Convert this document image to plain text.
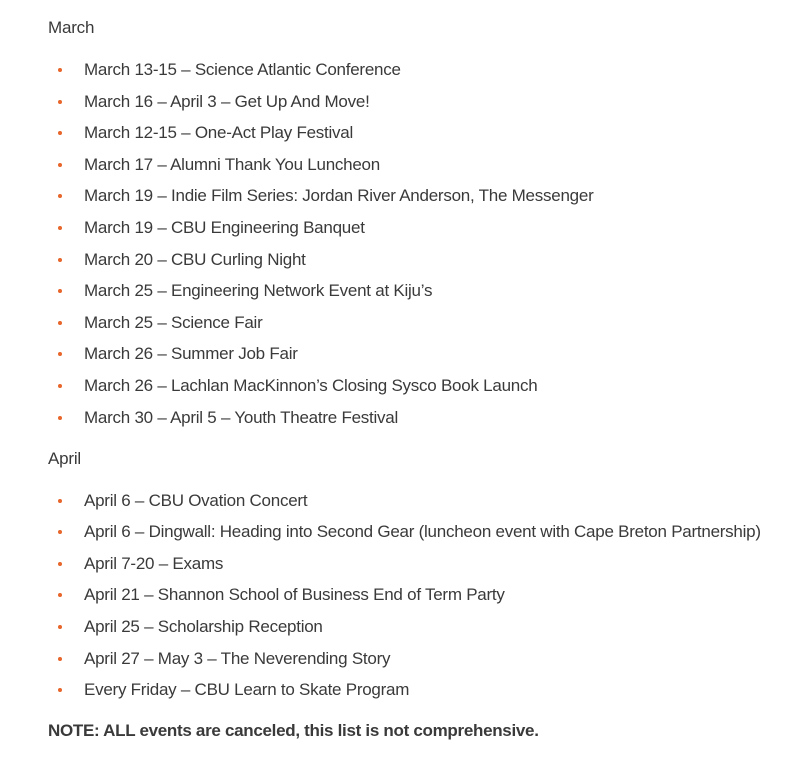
March
March 13-15 – Science Atlantic Conference
March 16 – April 3 – Get Up And Move!
March 12-15 – One-Act Play Festival
March 17 – Alumni Thank You Luncheon
March 19 – Indie Film Series: Jordan River Anderson, The Messenger
March 19 – CBU Engineering Banquet
March 20 – CBU Curling Night
March 25 – Engineering Network Event at Kiju’s
March 25 – Science Fair
March 26 – Summer Job Fair
March 26 – Lachlan MacKinnon’s Closing Sysco Book Launch
March 30 – April 5 – Youth Theatre Festival
April
April 6 – CBU Ovation Concert
April 6 – Dingwall: Heading into Second Gear (luncheon event with Cape Breton Partnership)
April 7-20 – Exams
April 21 – Shannon School of Business End of Term Party
April 25 – Scholarship Reception
April 27 – May 3 – The Neverending Story
Every Friday – CBU Learn to Skate Program

NOTE: ALL events are canceled, this list is not comprehensive.
